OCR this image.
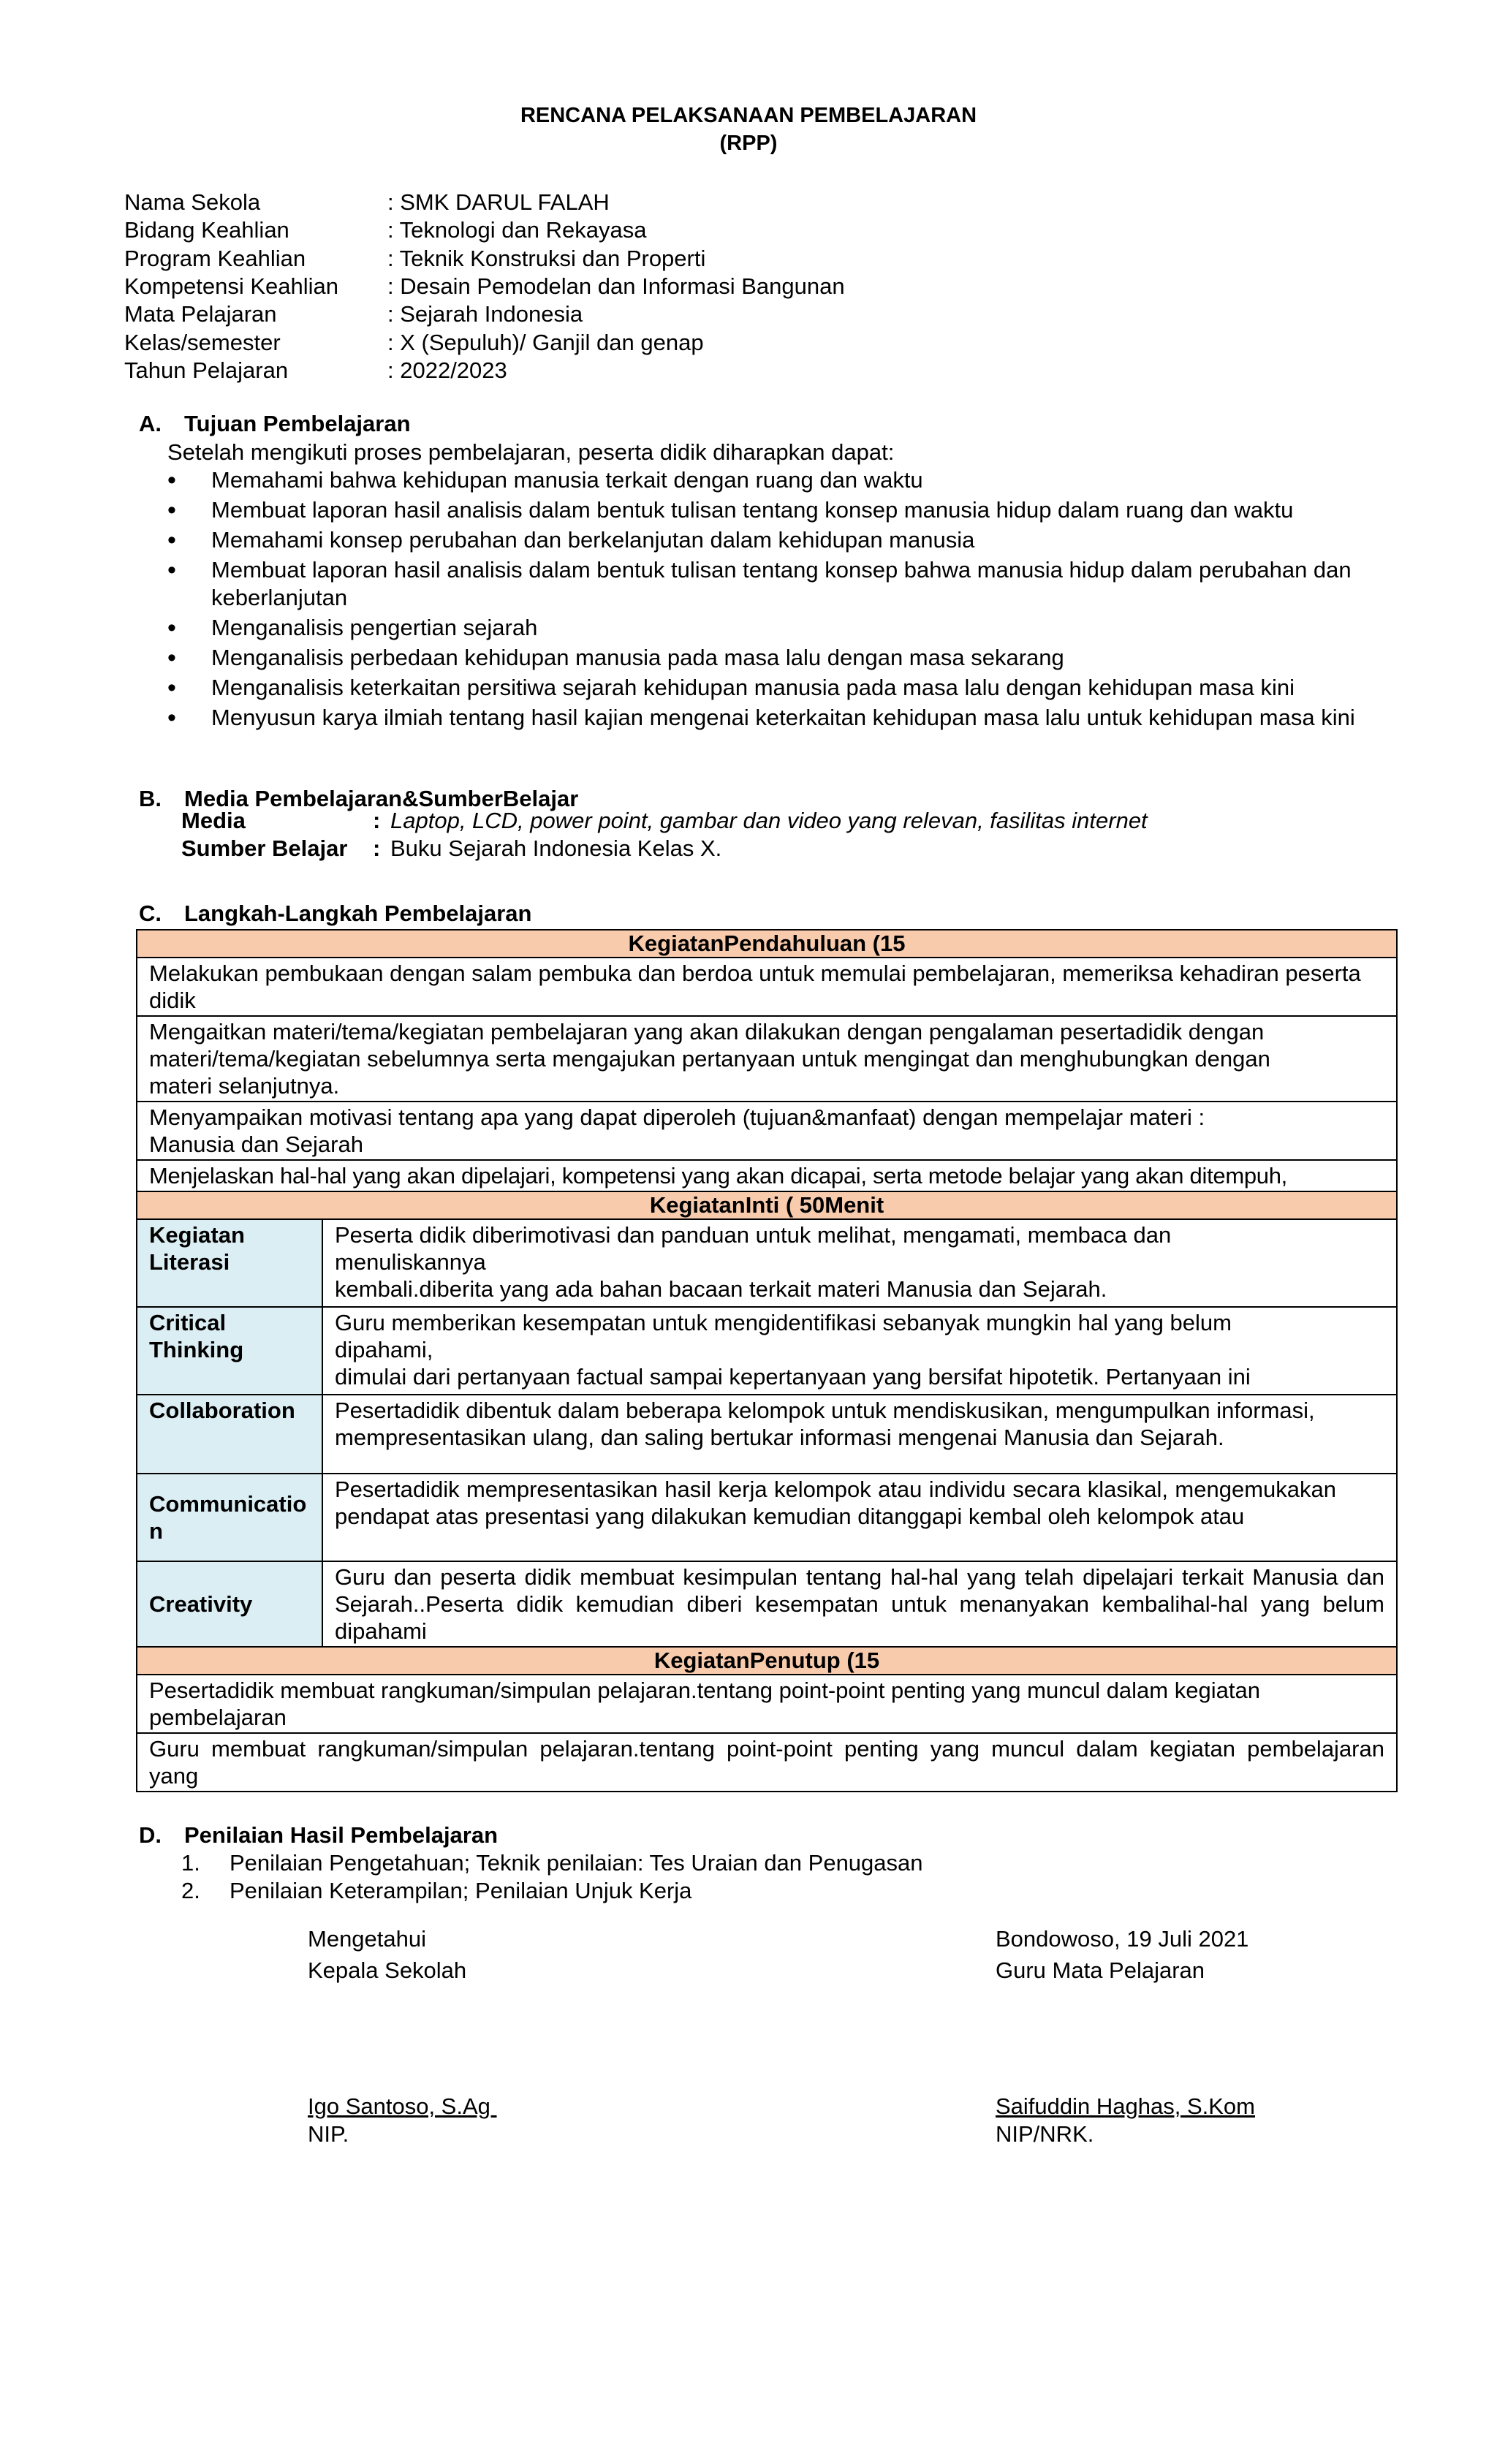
RENCANA PELAKSANAAN PEMBELAJARAN
(RPP)
Nama Sekola	: SMK DARUL FALAH
Bidang Keahlian	: Teknologi dan Rekayasa
Program Keahlian	: Teknik Konstruksi dan Properti
Kompetensi Keahlian	: Desain Pemodelan dan Informasi Bangunan
Mata Pelajaran	: Sejarah Indonesia
Kelas/semester	: X (Sepuluh)/ Ganjil dan genap
Tahun Pelajaran	: 2022/2023
A. Tujuan Pembelajaran
Setelah mengikuti proses pembelajaran, peserta didik diharapkan dapat:
• Memahami bahwa kehidupan manusia terkait dengan ruang dan waktu
• Membuat laporan hasil analisis dalam bentuk tulisan tentang konsep manusia hidup dalam ruang dan waktu
• Memahami konsep perubahan dan berkelanjutan dalam kehidupan manusia
• Membuat laporan hasil analisis dalam bentuk tulisan tentang konsep bahwa manusia hidup dalam perubahan dan keberlanjutan
• Menganalisis pengertian sejarah
• Menganalisis perbedaan kehidupan manusia pada masa lalu dengan masa sekarang
• Menganalisis keterkaitan persitiwa sejarah kehidupan manusia pada masa lalu dengan kehidupan masa kini
• Menyusun karya ilmiah tentang hasil kajian mengenai keterkaitan kehidupan masa lalu untuk kehidupan masa kini
B. Media Pembelajaran&SumberBelajar
Media	:	Laptop, LCD, power point, gambar dan video yang relevan, fasilitas internet
Sumber Belajar	:	Buku Sejarah Indonesia Kelas X.
C. Langkah-Langkah Pembelajaran
KegiatanPendahuluan (15	
Melakukan pembukaan dengan salam pembuka dan berdoa untuk memulai pembelajaran, memeriksa kehadiran peserta didik	

Mengaitkan materi/tema/kegiatan pembelajaran yang akan dilakukan dengan pengalaman pesertadidik dengan materi/tema/kegiatan sebelumnya serta mengajukan pertanyaan untuk mengingat dan menghubungkan dengan materi selanjutnya.	

Menyampaikan motivasi tentang apa yang dapat diperoleh (tujuan&manfaat) dengan mempelajar materi : Manusia dan Sejarah	

Menjelaskan hal-hal yang akan dipelajari, kompetensi yang akan dicapai, serta metode belajar yang akan ditempuh,	
KegiatanInti ( 50Menit	
Kegiatan Literasi	Peserta didik diberimotivasi dan panduan untuk melihat, mengamati, membaca dan menuliskannya
kembali.diberita yang ada bahan bacaan terkait materi Manusia dan Sejarah.

Critical Thinking	Guru memberikan kesempatan untuk mengidentifikasi sebanyak mungkin hal yang belum dipahami,
dimulai dari pertanyaan factual sampai kepertanyaan yang bersifat hipotetik. Pertanyaan ini

Collaboration	Pesertadidik dibentuk dalam beberapa kelompok untuk mendiskusikan, mengumpulkan informasi, mempresentasikan ulang, dan saling bertukar informasi mengenai Manusia dan Sejarah.
Communication	Pesertadidik mempresentasikan hasil kerja kelompok atau individu secara klasikal, mengemukakan
pendapat atas presentasi yang dilakukan kemudian ditanggapi kembal oleh kelompok atau

Creativity	Guru dan peserta didik membuat kesimpulan tentang hal-hal yang telah dipelajari terkait Manusia dan Sejarah..Peserta didik kemudian diberi kesempatan untuk menanyakan kembalihal-hal yang belum dipahami
KegiatanPenutup (15	
Pesertadidik membuat rangkuman/simpulan pelajaran.tentang point-point penting yang muncul dalam kegiatan pembelajaran	
Guru membuat rangkuman/simpulan pelajaran.tentang point-point penting yang muncul dalam kegiatan pembelajaran yang	
D. Penilaian Hasil Pembelajaran
1. Penilaian Pengetahuan; Teknik penilaian: Tes Uraian dan Penugasan
2. Penilaian Keterampilan; Penilaian Unjuk Kerja
Mengetahui
Kepala Sekolah
Bondowoso, 19 Juli 2021
Guru Mata Pelajaran
Igo Santoso, S.Ag
NIP.
Saifuddin Haghas, S.Kom
NIP/NRK.
